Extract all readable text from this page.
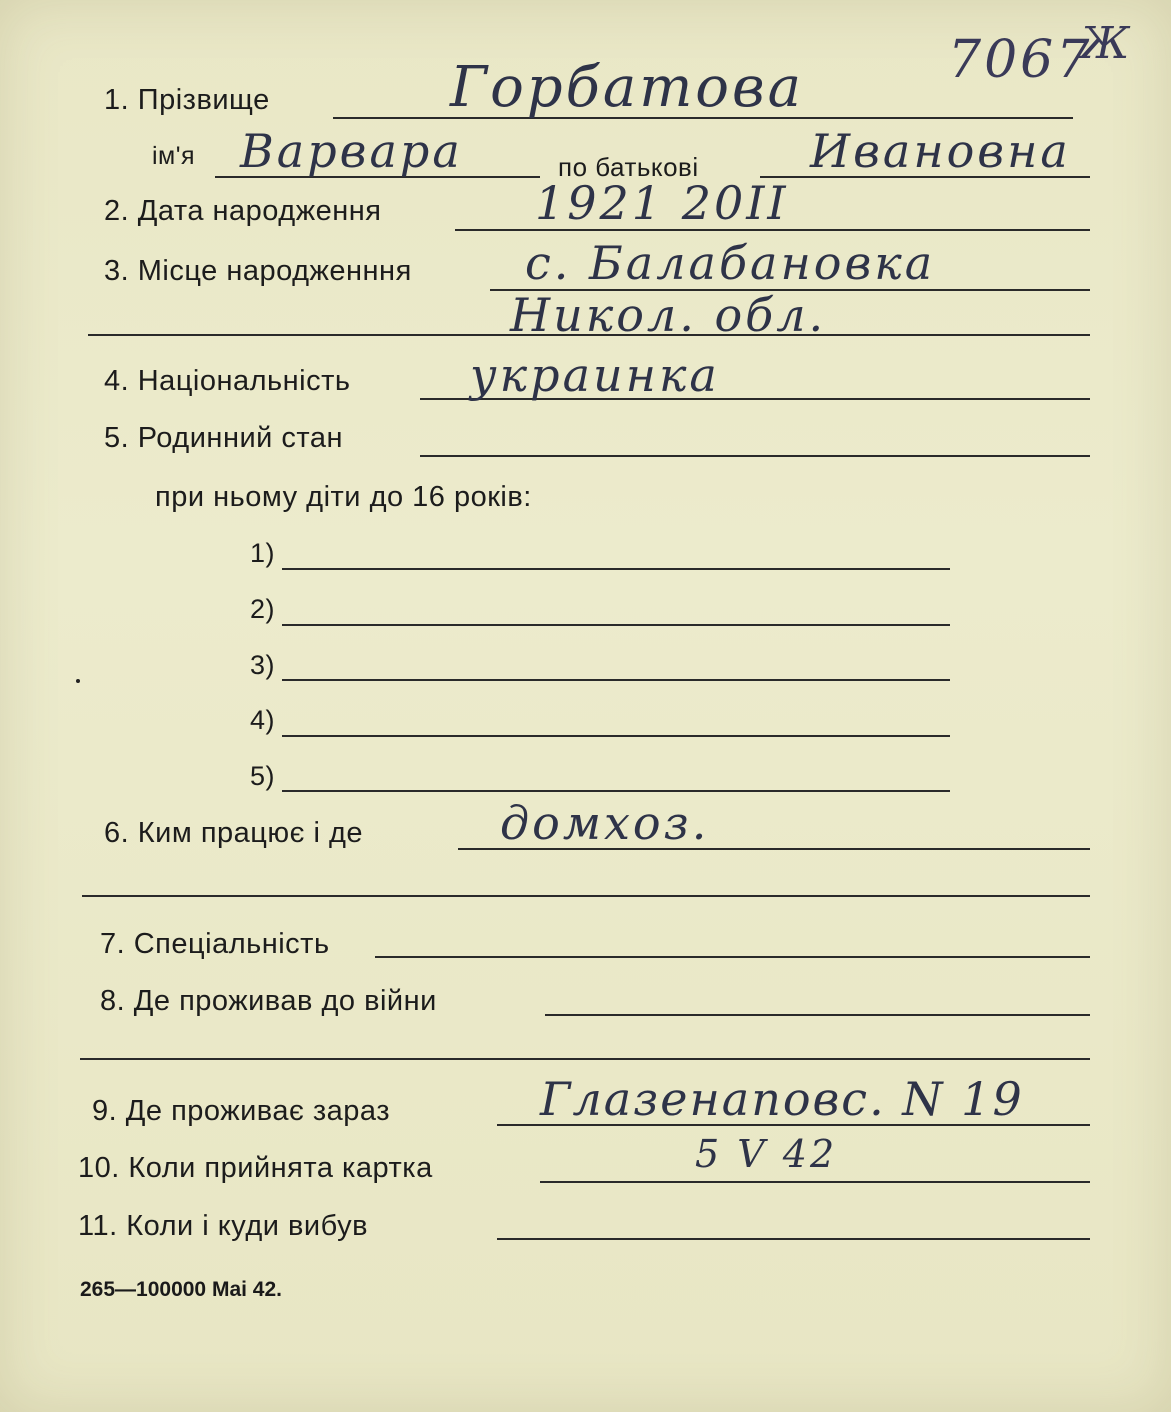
1. Прізвище	Горбатова	7067
Ж
ім'я Варвара	по батькові Ивановна
2. Дата народження	1921 20ІІ
3. Місце народженння с. Балабановка
Никол. обл.
4. Національність	украинка
5. Родинний стан
при ньому діти до 16 років:
1)
2)
3)
4)
5)
6. Ким працює і де	домхоз.
7. Спеціальність
8. Де проживав до війни
9. Де проживає зараз	Глазенаповс. N 19
10. Коли прийнята картка	5 V 42
11. Коли і куди вибув
265—100000 Mai 42.
